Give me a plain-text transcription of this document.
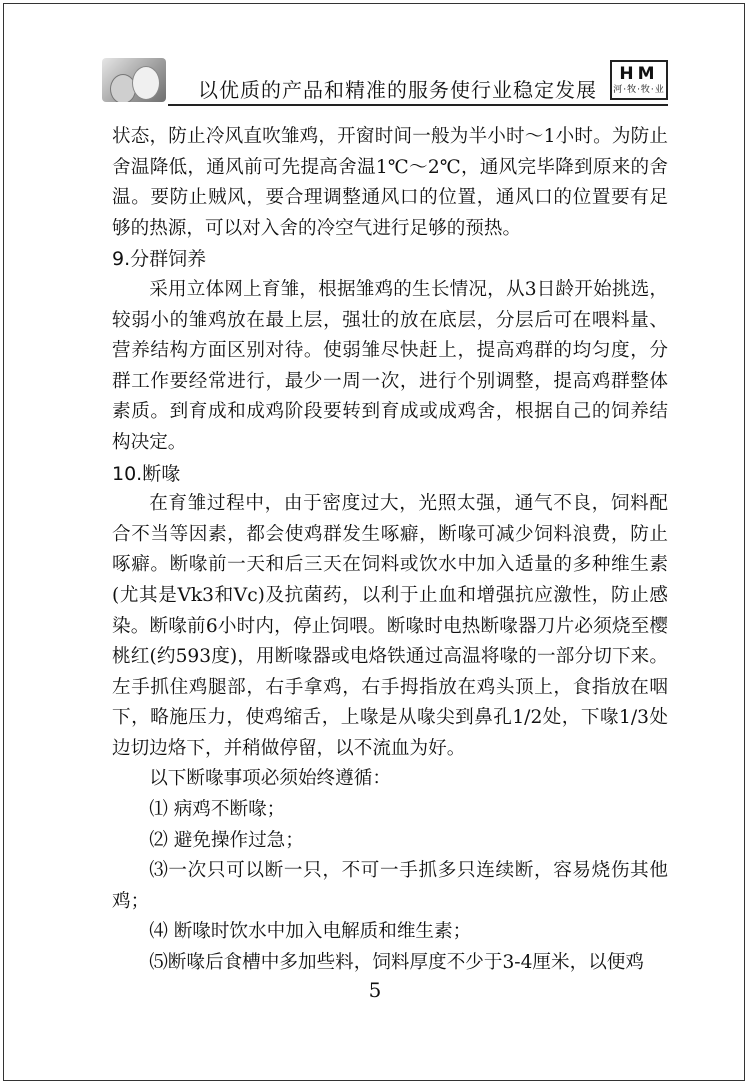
以优质的产品和精准的服务使行业稳定发展
HM
河·牧·牧·业

状态，防止冷风直吹雏鸡，开窗时间一般为半小时～1小时。为防止舍温降低，通风前可先提高舍温1℃～2℃，通风完毕降到原来的舍温。要防止贼风，要合理调整通风口的位置，通风口的位置要有足够的热源，可以对入舍的冷空气进行足够的预热。

9.分群饲养

采用立体网上育雏，根据雏鸡的生长情况，从3日龄开始挑选，较弱小的雏鸡放在最上层，强壮的放在底层，分层后可在喂料量、营养结构方面区别对待。使弱雏尽快赶上，提高鸡群的均匀度，分群工作要经常进行，最少一周一次，进行个别调整，提高鸡群整体素质。到育成和成鸡阶段要转到育成或成鸡舍，根据自己的饲养结构决定。

10.断喙

在育雏过程中，由于密度过大，光照太强，通气不良，饲料配合不当等因素，都会使鸡群发生啄癖，断喙可减少饲料浪费，防止啄癖。断喙前一天和后三天在饲料或饮水中加入适量的多种维生素(尤其是Vk3和Vc)及抗菌药，以利于止血和增强抗应激性，防止感染。断喙前6小时内，停止饲喂。断喙时电热断喙器刀片必须烧至樱桃红(约593度)，用断喙器或电烙铁通过高温将喙的一部分切下来。左手抓住鸡腿部，右手拿鸡，右手拇指放在鸡头顶上，食指放在咽下，略施压力，使鸡缩舌，上喙是从喙尖到鼻孔1/2处，下喙1/3处边切边烙下，并稍做停留，以不流血为好。

以下断喙事项必须始终遵循：

⑴ 病鸡不断喙；

⑵ 避免操作过急；

⑶一次只可以断一只，不可一手抓多只连续断，容易烧伤其他鸡；

⑷ 断喙时饮水中加入电解质和维生素；

⑸断喙后食槽中多加些料，饲料厚度不少于3-4厘米，以便鸡

5
